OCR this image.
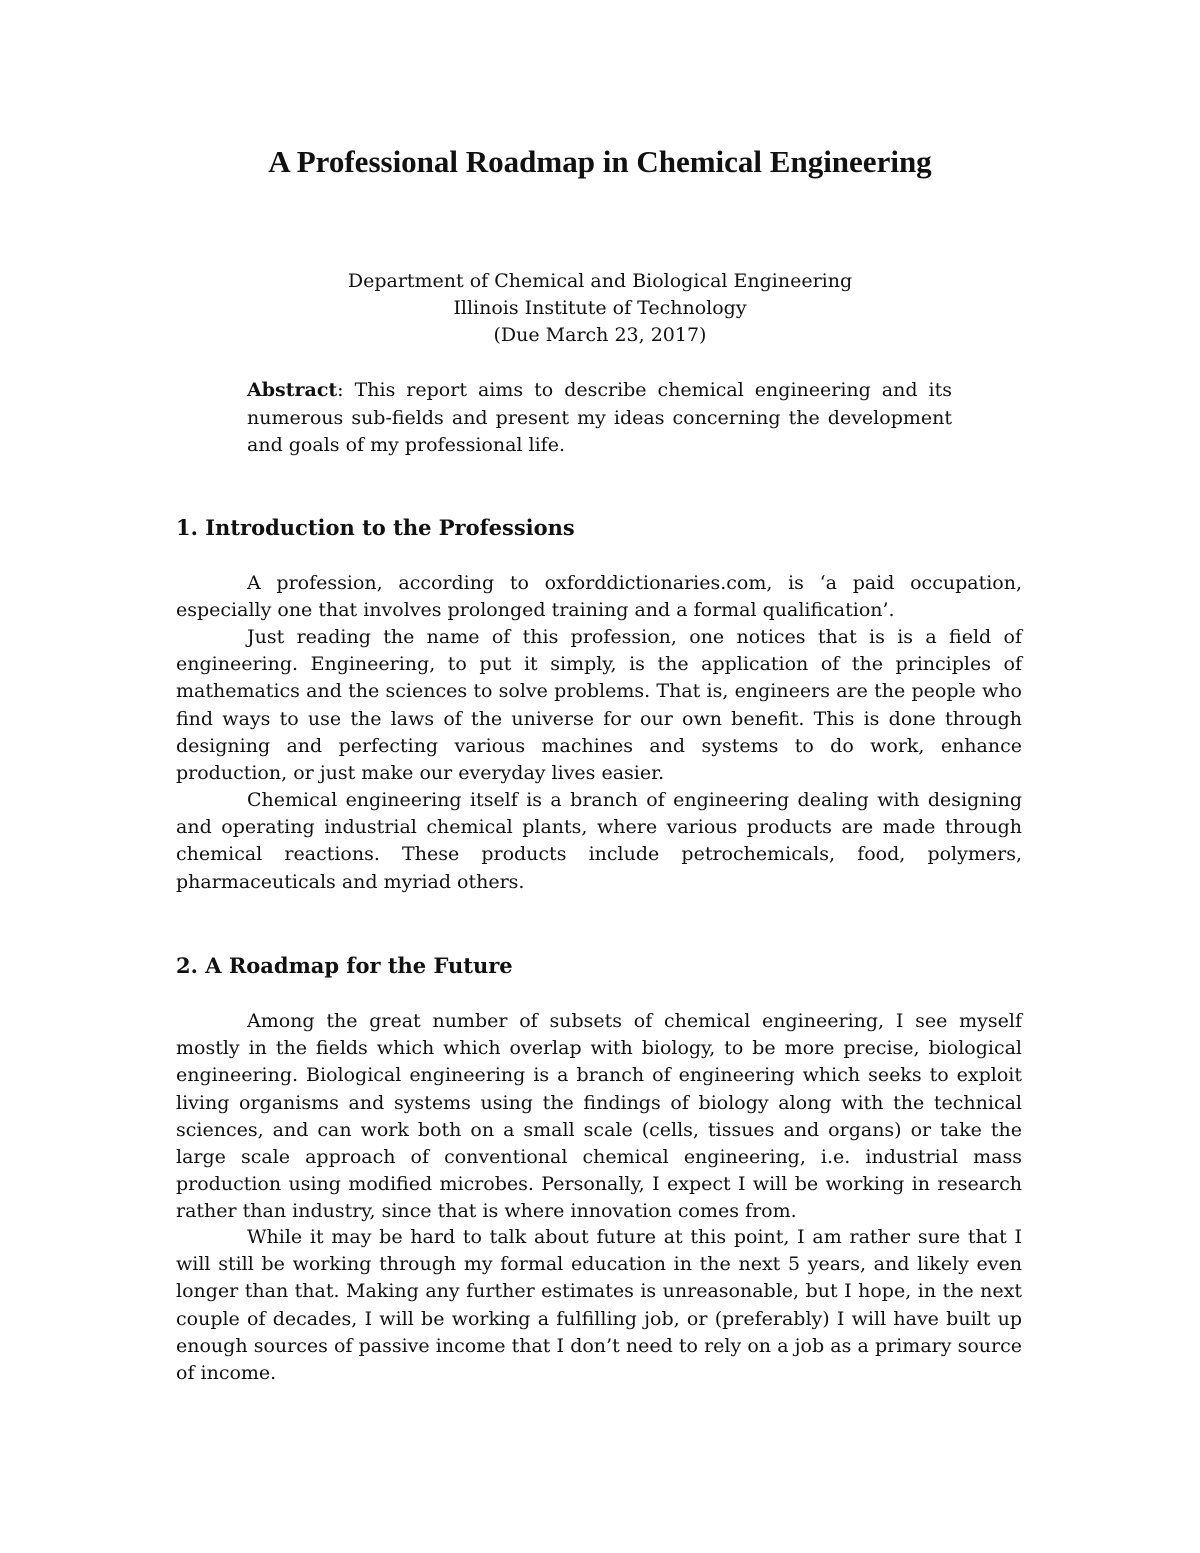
A Professional Roadmap in Chemical Engineering

Department of Chemical and Biological Engineering

Illinois Institute of Technology

(Due March 23, 2017)

Abstract: This report aims to describe chemical engineering and its numerous sub-fields and present my ideas concerning the development and goals of my professional life.

1. Introduction to the Professions

A profession, according to oxforddictionaries.com, is ‘a paid occupation, especially one that involves prolonged training and a formal qualification’.

Just reading the name of this profession, one notices that is is a field of engineering. Engineering, to put it simply, is the application of the principles of mathematics and the sciences to solve problems. That is, engineers are the people who find ways to use the laws of the universe for our own benefit. This is done through designing and perfecting various machines and systems to do work, enhance production, or just make our everyday lives easier.

Chemical engineering itself is a branch of engineering dealing with designing and operating industrial chemical plants, where various products are made through chemical reactions. These products include petrochemicals, food, polymers, pharmaceuticals and myriad others.

2. A Roadmap for the Future

Among the great number of subsets of chemical engineering, I see myself mostly in the fields which which overlap with biology, to be more precise, biological engineering. Biological engineering is a branch of engineering which seeks to exploit living organisms and systems using the findings of biology along with the technical sciences, and can work both on a small scale (cells, tissues and organs) or take the large scale approach of conventional chemical engineering, i.e. industrial mass production using modified microbes. Personally, I expect I will be working in research rather than industry, since that is where innovation comes from.

While it may be hard to talk about future at this point, I am rather sure that I will still be working through my formal education in the next 5 years, and likely even longer than that. Making any further estimates is unreasonable, but I hope, in the next couple of decades, I will be working a fulfilling job, or (preferably) I will have built up enough sources of passive income that I don’t need to rely on a job as a primary source of income.
